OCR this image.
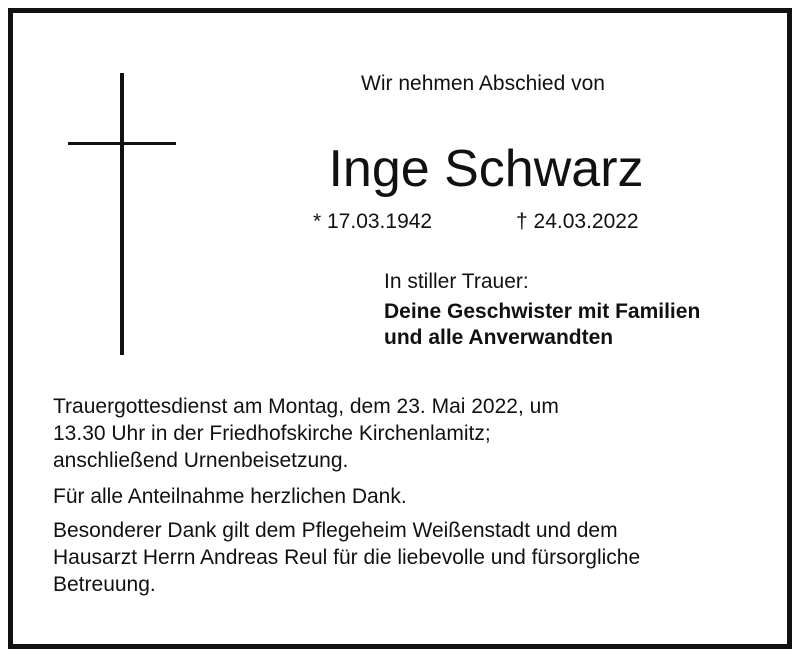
Wir nehmen Abschied von
Inge Schwarz
* 17.03.1942	† 24.03.2022
In stiller Trauer:
Deine Geschwister mit Familien
und alle Anverwandten
Trauergottesdienst am Montag, dem 23. Mai 2022, um
13.30 Uhr in der Friedhofskirche Kirchenlamitz;
anschließend Urnenbeisetzung.
Für alle Anteilnahme herzlichen Dank.
Besonderer Dank gilt dem Pflegeheim Weißenstadt und dem
Hausarzt Herrn Andreas Reul für die liebevolle und fürsorgliche
Betreuung.
